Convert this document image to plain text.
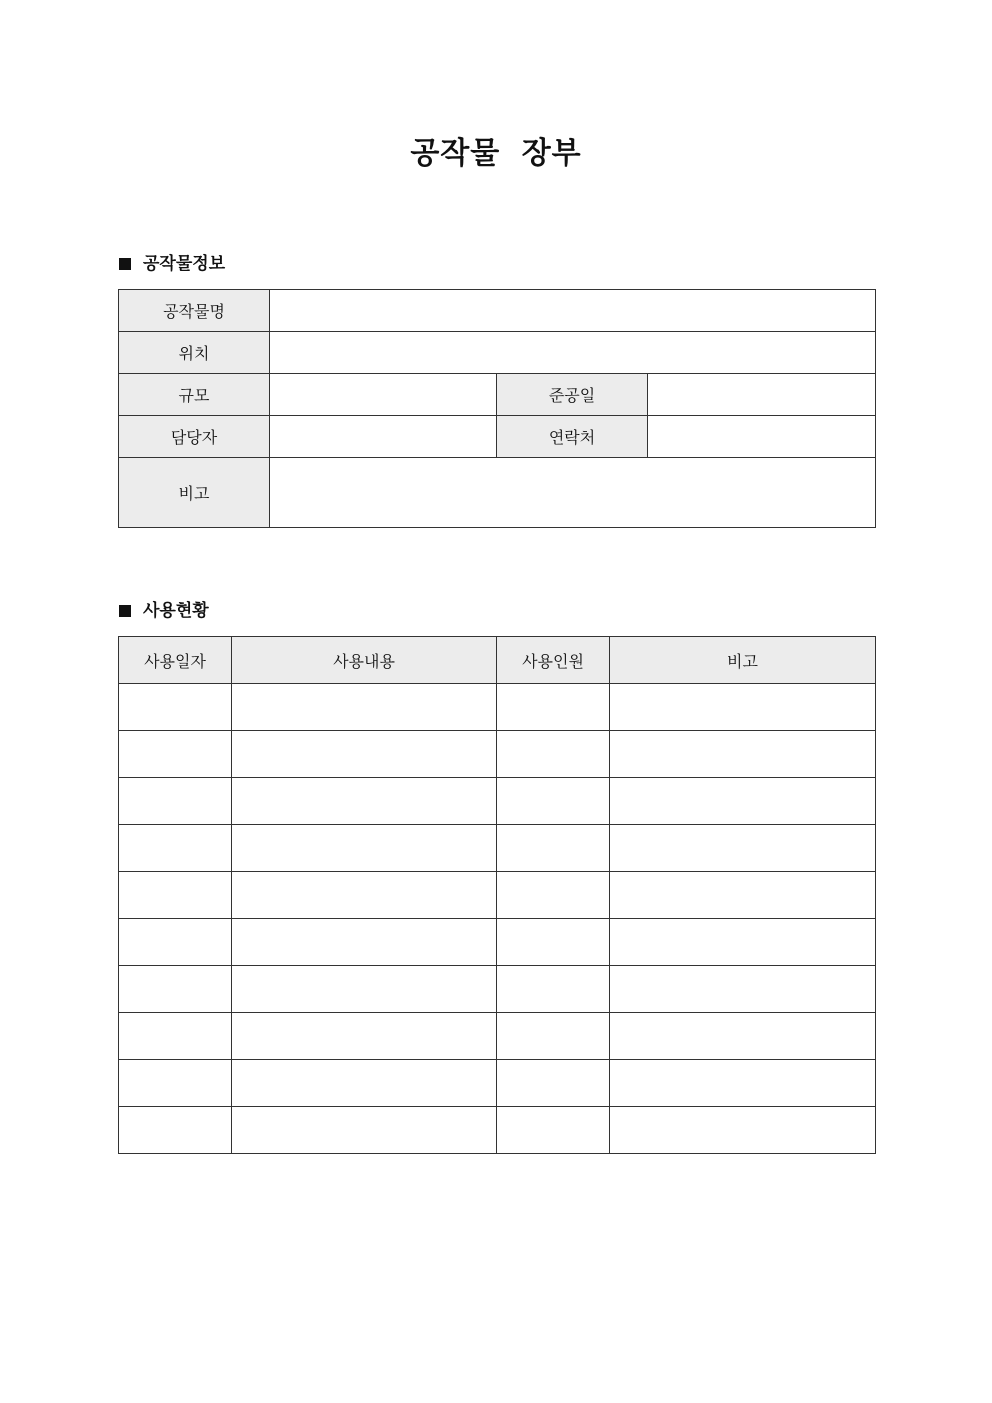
공작물 장부
공작물정보
공작물명			
위치			
규모		준공일	
담당자		연락처	
비고			
사용현황
사용일자	사용내용	사용인원	비고
